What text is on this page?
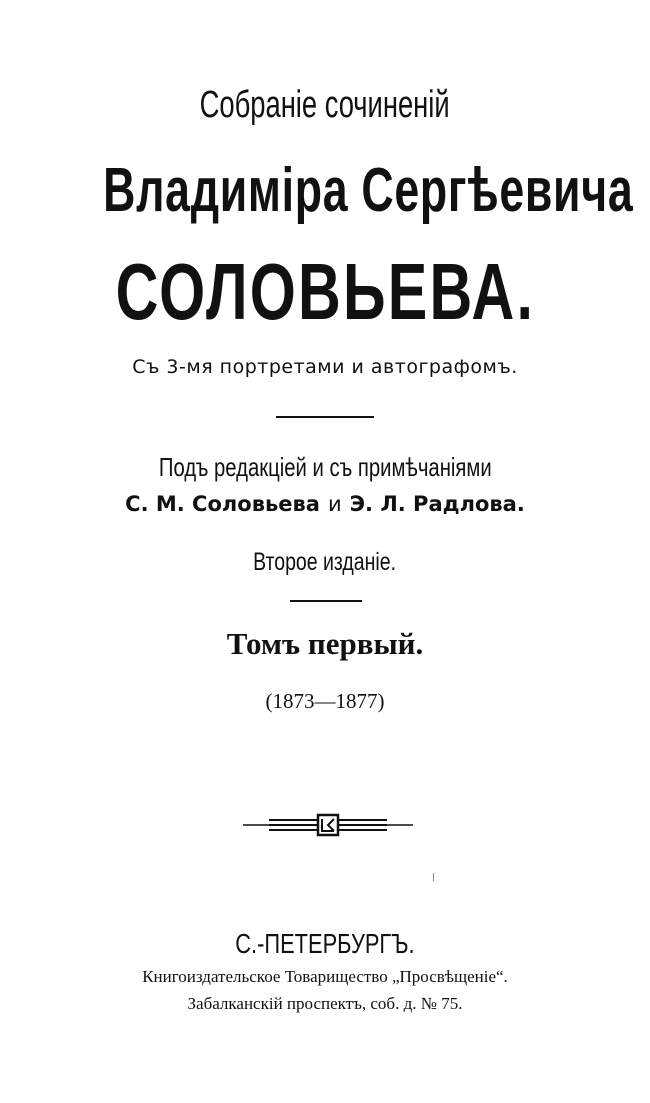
Собраніе сочиненій
Владиміра Сергѣевича
СОЛОВЬЕВА.
Съ 3-мя портретами и автографомъ.
Подъ редакціей и съ примѣчаніями
С. М. Соловьева и Э. Л. Радлова.
Второе изданіе.
Томъ первый.
(1873—1877)
С.-ПЕТЕРБУРГЪ.
Книгоиздательское Товарищество „Просвѣщеніе“.
Забалканскій проспектъ, соб. д. № 75.
